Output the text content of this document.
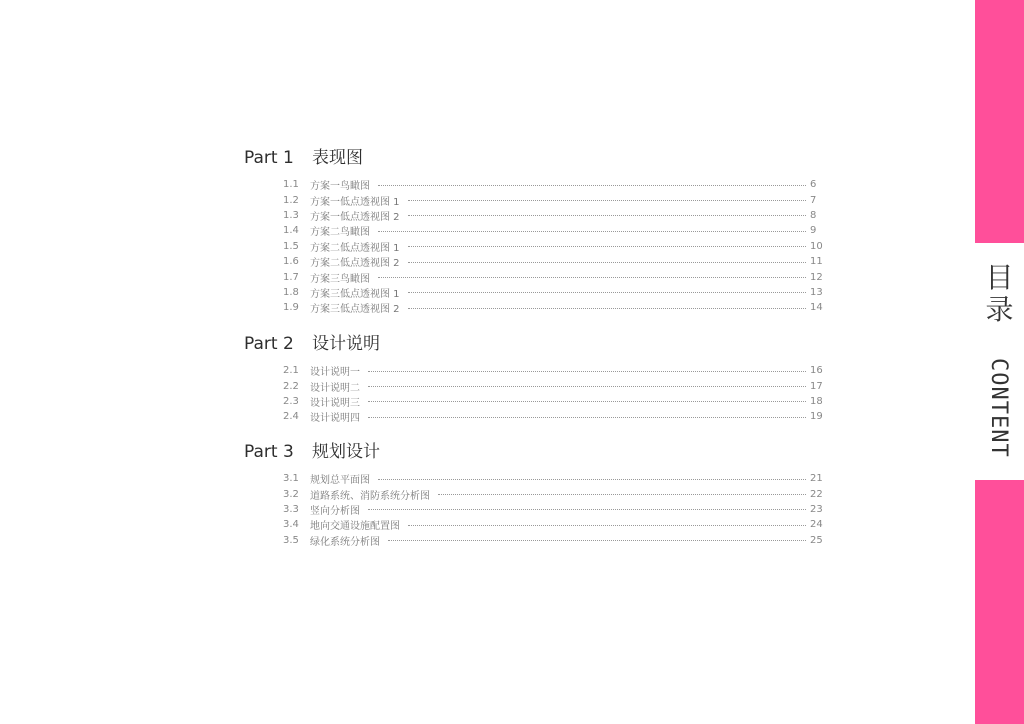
Part 1	表现图
1.1	方案一鸟瞰图	6
1.2	方案一低点透视图 1	7
1.3	方案一低点透视图 2	8
1.4	方案二鸟瞰图	9
1.5	方案二低点透视图 1	10
1.6	方案二低点透视图 2	11
1.7	方案三鸟瞰图	12
1.8	方案三低点透视图 1	13
1.9	方案三低点透视图 2	14
Part 2	设计说明
2.1	设计说明一	16
2.2	设计说明二	17
2.3	设计说明三	18
2.4	设计说明四	19
Part 3	规划设计
3.1	规划总平面图	21
3.2	道路系统、消防系统分析图	22
3.3	竖向分析图	23
3.4	地向交通设施配置图	24
3.5	绿化系统分析图	25
目录
CONTENT
